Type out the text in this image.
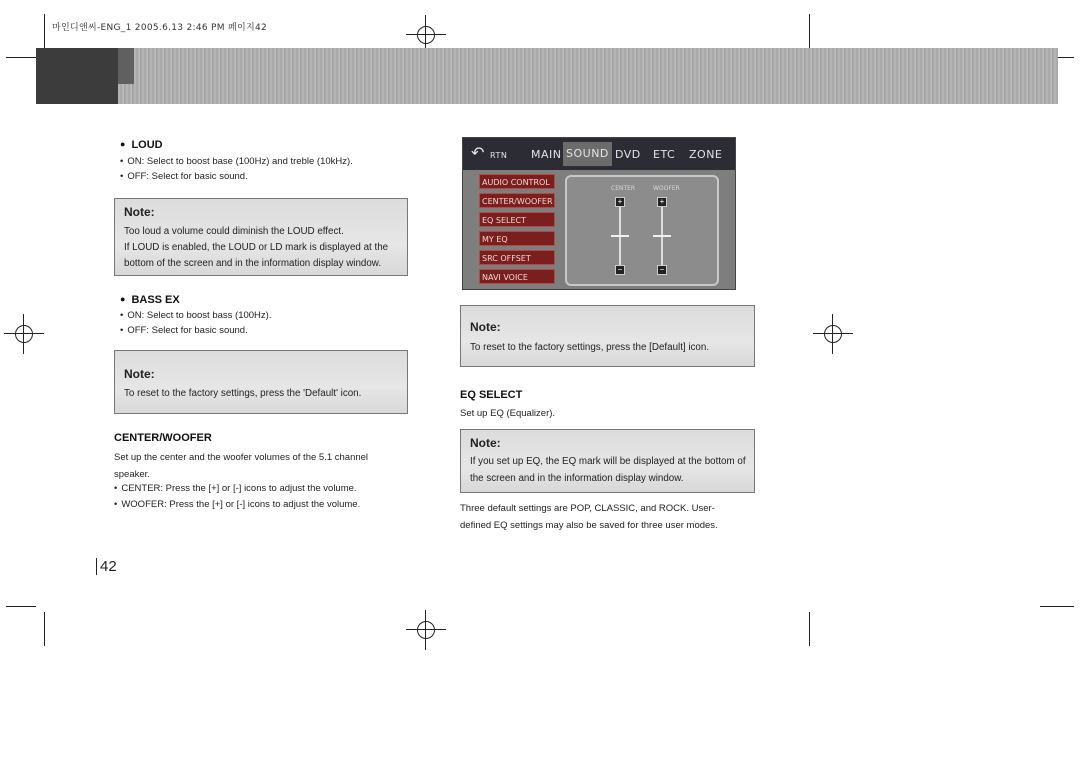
마인디앤씨-ENG_1 2005.6.13 2:46 PM 페이지42
● LOUD
• ON: Select to boost base (100Hz) and treble (10kHz).
• OFF: Select for basic sound.
Note:
Too loud a volume could diminish the LOUD effect.
If LOUD is enabled, the LOUD or LD mark is displayed at the
bottom of the screen and in the information display window.
● BASS EX
• ON: Select to boost bass (100Hz).
• OFF: Select for basic sound.
Note:
To reset to the factory settings, press the 'Default' icon.
CENTER/WOOFER
Set up the center and the woofer volumes of the 5.1 channel
speaker.
• CENTER: Press the [+] or [-] icons to adjust the volume.
• WOOFER: Press the [+] or [-] icons to adjust the volume.
42
↶ RTN MAIN SOUND DVD ETC ZONE
AUDIO CONTROL
CENTER/WOOFER
EQ SELECT
MY EQ
SRC OFFSET
NAVI VOICE
CENTER	WOOFER
+
−
+
−
Note:
To reset to the factory settings, press the [Default] icon.
EQ SELECT
Set up EQ (Equalizer).
Note:
If you set up EQ, the EQ mark will be displayed at the bottom of
the screen and in the information display window.
Three default settings are POP, CLASSIC, and ROCK. User-
defined EQ settings may also be saved for three user modes.
